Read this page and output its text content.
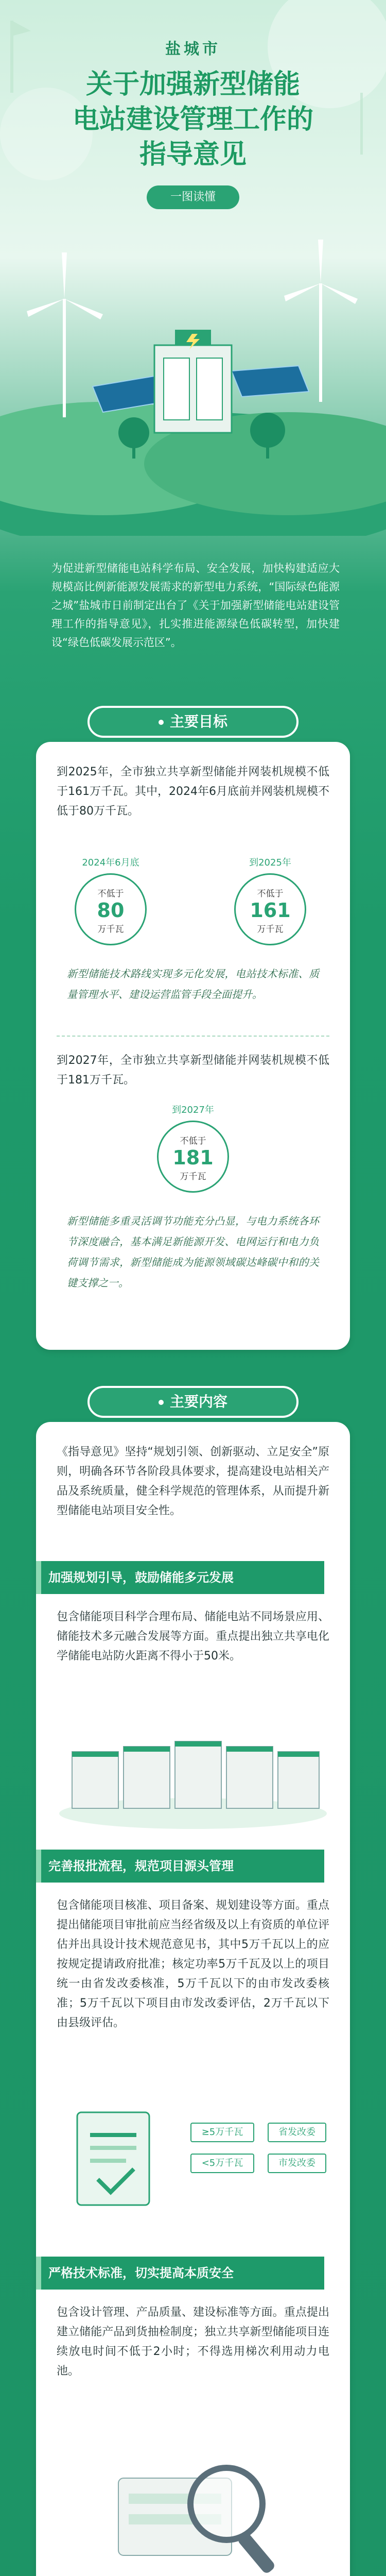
盐城市
关于加强新型储能
电站建设管理工作的
指导意见
一图读懂
为促进新型储能电站科学布局、安全发展，加快构建适应大规模高比例新能源发展需求的新型电力系统，“国际绿色能源之城”盐城市日前制定出台了《关于加强新型储能电站建设管理工作的指导意见》，扎实推进能源绿色低碳转型，加快建设“绿色低碳发展示范区”。
主要目标
到2025年，全市独立共享新型储能并网装机规模不低于161万千瓦。其中，2024年6月底前并网装机规模不低于80万千瓦。
2024年6月底
不低于
80
万千瓦
到2025年
不低于
161
万千瓦
新型储能技术路线实现多元化发展，电站技术标准、质量管理水平、建设运营监管手段全面提升。
到2027年，全市独立共享新型储能并网装机规模不低于181万千瓦。
到2027年
不低于
181
万千瓦
新型储能多重灵活调节功能充分凸显，与电力系统各环节深度融合，基本满足新能源开发、电网运行和电力负荷调节需求，新型储能成为能源领域碳达峰碳中和的关键支撑之一。
主要内容
《指导意见》坚持“规划引领、创新驱动、立足安全”原则，明确各环节各阶段具体要求，提高建设电站相关产品及系统质量，健全科学规范的管理体系，从而提升新型储能电站项目安全性。
加强规划引导，鼓励储能多元发展
包含储能项目科学合理布局、储能电站不同场景应用、储能技术多元融合发展等方面。重点提出独立共享电化学储能电站防火距离不得小于50米。
完善报批流程，规范项目源头管理
包含储能项目核准、项目备案、规划建设等方面。重点提出储能项目审批前应当经省级及以上有资质的单位评估并出具设计技术规范意见书，其中5万千瓦以上的应按规定提请政府批准；核定功率5万千瓦及以上的项目统一由省发改委核准，5万千瓦以下的由市发改委核准；5万千瓦以下项目由市发改委评估，2万千瓦以下由县级评估。
≥5万千瓦
<5万千瓦
省发改委
市发改委
严格技术标准，切实提高本质安全
包含设计管理、产品质量、建设标准等方面。重点提出建立储能产品到货抽检制度；独立共享新型储能项目连续放电时间不低于2小时；不得选用梯次利用动力电池。
